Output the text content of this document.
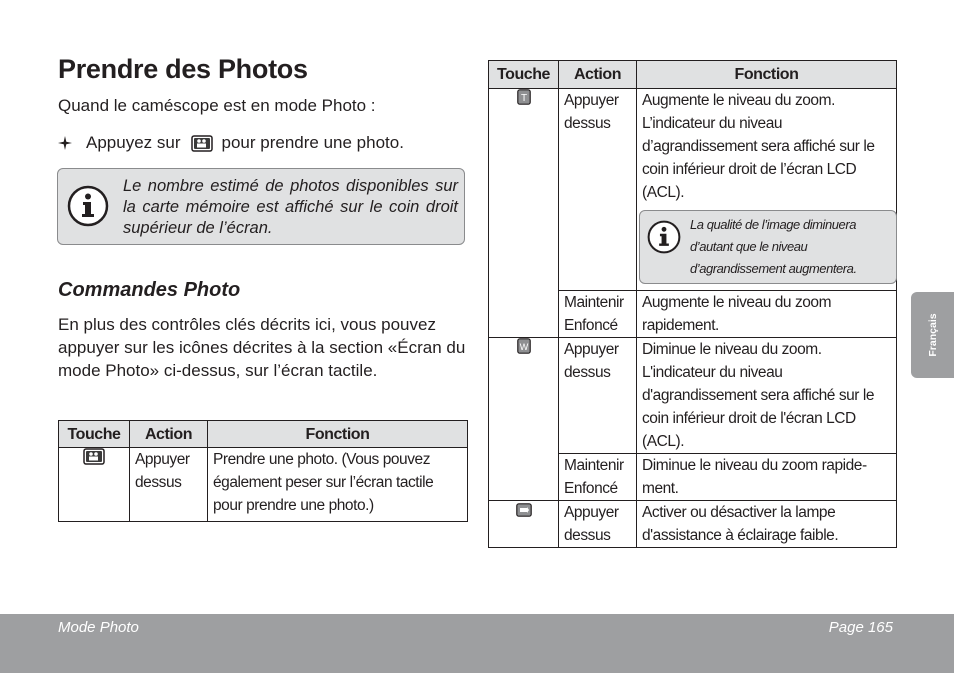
Prendre des Photos
Quand le caméscope est en mode Photo :
Appuyez sur pour prendre une photo.
Le nombre estimé de photos disponibles sur la carte mémoire est affiché sur le coin droit supérieur de l’écran.
Commandes Photo
En plus des contrôles clés décrits ici, vous pouvez appuyer sur les icônes décrites à la section «Écran du mode Photo» ci-dessus, sur l’écran tactile.
Touche	Action	Fonction

	Appuyer dessus	Prendre une photo. (Vous pouvez également peser sur l’écran tactile pour prendre une photo.)
Touche	Action	Fonction

T	Appuyer dessus	Augmente le niveau du zoom. L’indicateur du niveau d’agrandissement sera affiché sur le coin inférieur droit de l’écran LCD (ACL).
La qualité de l’image diminuera d’autant que le niveau d’agrandissement augmentera.

	Maintenir Enfoncé	Augmente le niveau du zoom rapidement.

W	Appuyer dessus	Diminue le niveau du zoom. L'indicateur du niveau d'agrandissement sera affiché sur le coin inférieur droit de l'écran LCD (ACL).
	Maintenir Enfoncé	Diminue le niveau du zoom rapidement.

	Appuyer dessus	Activer ou désactiver la lampe d'assistance à éclairage faible.
Français
Mode Photo	Page 165
